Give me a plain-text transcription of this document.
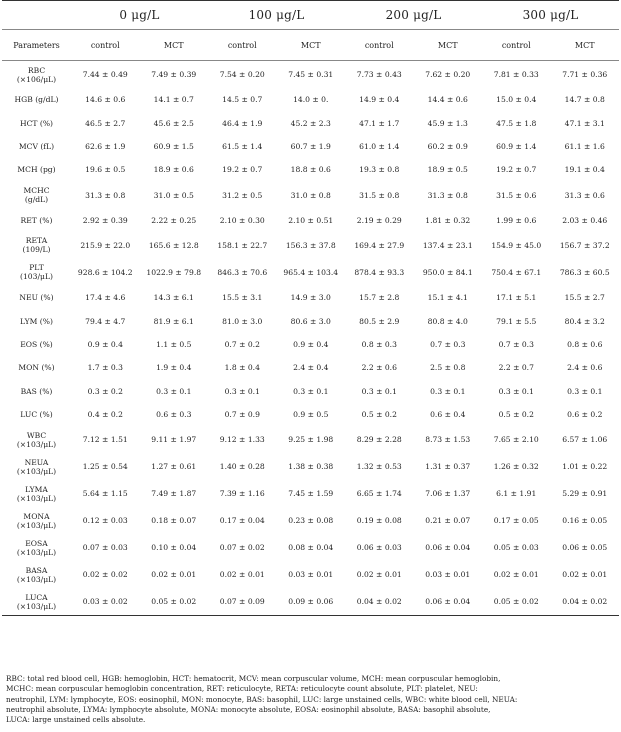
	0 μg/L		100 μg/L		200 μg/L		300 μg/L	
Parameters	control	MCT	control	MCT	control	MCT	control	MCT

RBC
(×106/μL)	7.44 ± 0.49	7.49 ± 0.39	7.54 ± 0.20	7.45 ± 0.31	7.73 ± 0.43	7.62 ± 0.20	7.81 ± 0.33	7.71 ± 0.36

HGB (g/dL)	14.6 ± 0.6	14.1 ± 0.7	14.5 ± 0.7	14.0 ± 0.	14.9 ± 0.4	14.4 ± 0.6	15.0 ± 0.4	14.7 ± 0.8

HCT (%)	46.5 ± 2.7	45.6 ± 2.5	46.4 ± 1.9	45.2 ± 2.3	47.1 ± 1.7	45.9 ± 1.3	47.5 ± 1.8	47.1 ± 3.1

MCV (fL)	62.6 ± 1.9	60.9 ± 1.5	61.5 ± 1.4	60.7 ± 1.9	61.0 ± 1.4	60.2 ± 0.9	60.9 ± 1.4	61.1 ± 1.6

MCH (pg)	19.6 ± 0.5	18.9 ± 0.6	19.2 ± 0.7	18.8 ± 0.6	19.3 ± 0.8	18.9 ± 0.5	19.2 ± 0.7	19.1 ± 0.4

MCHC
(g/dL)	31.3 ± 0.8	31.0 ± 0.5	31.2 ± 0.5	31.0 ± 0.8	31.5 ± 0.8	31.3 ± 0.8	31.5 ± 0.6	31.3 ± 0.6

RET (%)	2.92 ± 0.39	2.22 ± 0.25	2.10 ± 0.30	2.10 ± 0.51	2.19 ± 0.29	1.81 ± 0.32	1.99 ± 0.6	2.03 ± 0.46

RETA
(109/L)	215.9 ± 22.0	165.6 ± 12.8	158.1 ± 22.7	156.3 ± 37.8	169.4 ± 27.9	137.4 ± 23.1	154.9 ± 45.0	156.7 ± 37.2

PLT
(103/μL)	928.6 ± 104.2	1022.9 ± 79.8	846.3 ± 70.6	965.4 ± 103.4	878.4 ± 93.3	950.0 ± 84.1	750.4 ± 67.1	786.3 ± 60.5

NEU (%)	17.4 ± 4.6	14.3 ± 6.1	15.5 ± 3.1	14.9 ± 3.0	15.7 ± 2.8	15.1 ± 4.1	17.1 ± 5.1	15.5 ± 2.7

LYM (%)	79.4 ± 4.7	81.9 ± 6.1	81.0 ± 3.0	80.6 ± 3.0	80.5 ± 2.9	80.8 ± 4.0	79.1 ± 5.5	80.4 ± 3.2

EOS (%)	0.9 ± 0.4	1.1 ± 0.5	0.7 ± 0.2	0.9 ± 0.4	0.8 ± 0.3	0.7 ± 0.3	0.7 ± 0.3	0.8 ± 0.6

MON (%)	1.7 ± 0.3	1.9 ± 0.4	1.8 ± 0.4	2.4 ± 0.4	2.2 ± 0.6	2.5 ± 0.8	2.2 ± 0.7	2.4 ± 0.6

BAS (%)	0.3 ± 0.2	0.3 ± 0.1	0.3 ± 0.1	0.3 ± 0.1	0.3 ± 0.1	0.3 ± 0.1	0.3 ± 0.1	0.3 ± 0.1

LUC (%)	0.4 ± 0.2	0.6 ± 0.3	0.7 ± 0.9	0.9 ± 0.5	0.5 ± 0.2	0.6 ± 0.4	0.5 ± 0.2	0.6 ± 0.2

WBC
(×103/μL)	7.12 ± 1.51	9.11 ± 1.97	9.12 ± 1.33	9.25 ± 1.98	8.29 ± 2.28	8.73 ± 1.53	7.65 ± 2.10	6.57 ± 1.06

NEUA
(×103/μL)	1.25 ± 0.54	1.27 ± 0.61	1.40 ± 0.28	1.38 ± 0.38	1.32 ± 0.53	1.31 ± 0.37	1.26 ± 0.32	1.01 ± 0.22

LYMA
(×103/μL)	5.64 ± 1.15	7.49 ± 1.87	7.39 ± 1.16	7.45 ± 1.59	6.65 ± 1.74	7.06 ± 1.37	6.1 ± 1.91	5.29 ± 0.91

MONA
(×103/μL)	0.12 ± 0.03	0.18 ± 0.07	0.17 ± 0.04	0.23 ± 0.08	0.19 ± 0.08	0.21 ± 0.07	0.17 ± 0.05	0.16 ± 0.05

EOSA
(×103/μL)	0.07 ± 0.03	0.10 ± 0.04	0.07 ± 0.02	0.08 ± 0.04	0.06 ± 0.03	0.06 ± 0.04	0.05 ± 0.03	0.06 ± 0.05

BASA
(×103/μL)	0.02 ± 0.02	0.02 ± 0.01	0.02 ± 0.01	0.03 ± 0.01	0.02 ± 0.01	0.03 ± 0.01	0.02 ± 0.01	0.02 ± 0.01

LUCA
(×103/μL)	0.03 ± 0.02	0.05 ± 0.02	0.07 ± 0.09	0.09 ± 0.06	0.04 ± 0.02	0.06 ± 0.04	0.05 ± 0.02	0.04 ± 0.02
RBC: total red blood cell, HGB: hemoglobin, HCT: hematocrit, MCV: mean corpuscular volume, MCH: mean corpuscular hemoglobin,
MCHC: mean corpuscular hemoglobin concentration, RET: reticulocyte, RETA: reticulocyte count absolute, PLT: platelet, NEU:
neutrophil, LYM: lymphocyte, EOS: eosinophil, MON: monocyte, BAS: basophil, LUC: large unstained cells, WBC: white blood cell, NEUA:
neutrophil absolute, LYMA: lymphocyte absolute, MONA: monocyte absolute, EOSA: eosinophil absolute, BASA: basophil absolute,
LUCA: large unstained cells absolute.
